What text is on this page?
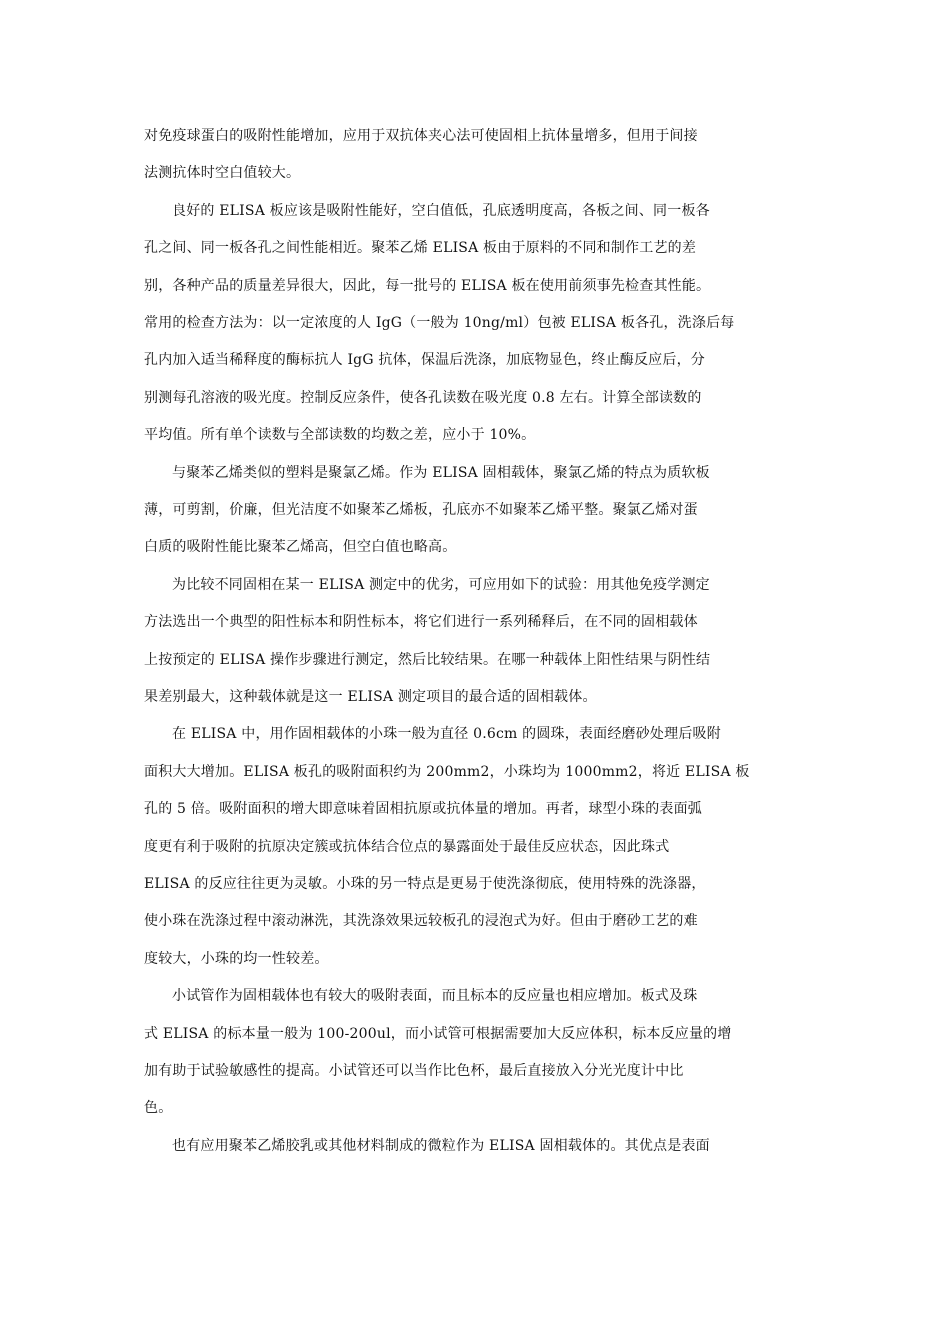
对免疫球蛋白的吸附性能增加，应用于双抗体夹心法可使固相上抗体量增多，但用于间接
法测抗体时空白值较大。
良好的 ELISA 板应该是吸附性能好，空白值低，孔底透明度高，各板之间、同一板各
孔之间、同一板各孔之间性能相近。聚苯乙烯 ELISA 板由于原料的不同和制作工艺的差
别，各种产品的质量差异很大，因此，每一批号的 ELISA 板在使用前须事先检查其性能。
常用的检查方法为：以一定浓度的人 IgG（一般为 10ng/ml）包被 ELISA 板各孔，洗涤后每
孔内加入适当稀释度的酶标抗人 IgG 抗体，保温后洗涤，加底物显色，终止酶反应后，分
别测每孔溶液的吸光度。控制反应条件，使各孔读数在吸光度 0.8 左右。计算全部读数的
平均值。所有单个读数与全部读数的均数之差，应小于 10%。
与聚苯乙烯类似的塑料是聚氯乙烯。作为 ELISA 固相载体，聚氯乙烯的特点为质软板
薄，可剪割，价廉，但光洁度不如聚苯乙烯板，孔底亦不如聚苯乙烯平整。聚氯乙烯对蛋
白质的吸附性能比聚苯乙烯高，但空白值也略高。
为比较不同固相在某一 ELISA 测定中的优劣，可应用如下的试验：用其他免疫学测定
方法选出一个典型的阳性标本和阴性标本，将它们进行一系列稀释后，在不同的固相载体
上按预定的 ELISA 操作步骤进行测定，然后比较结果。在哪一种载体上阳性结果与阴性结
果差别最大，这种载体就是这一 ELISA 测定项目的最合适的固相载体。
在 ELISA 中，用作固相载体的小珠一般为直径 0.6cm 的圆珠，表面经磨砂处理后吸附
面积大大增加。ELISA 板孔的吸附面积约为 200mm2，小珠均为 1000mm2，将近 ELISA 板
孔的 5 倍。吸附面积的增大即意味着固相抗原或抗体量的增加。再者，球型小珠的表面弧
度更有利于吸附的抗原决定簇或抗体结合位点的暴露面处于最佳反应状态，因此珠式
ELISA 的反应往往更为灵敏。小珠的另一特点是更易于使洗涤彻底，使用特殊的洗涤器，
使小珠在洗涤过程中滚动淋洗，其洗涤效果远较板孔的浸泡式为好。但由于磨砂工艺的难
度较大，小珠的均一性较差。
小试管作为固相载体也有较大的吸附表面，而且标本的反应量也相应增加。板式及珠
式 ELISA 的标本量一般为 100-200ul，而小试管可根据需要加大反应体积，标本反应量的增
加有助于试验敏感性的提高。小试管还可以当作比色杯，最后直接放入分光光度计中比
色。
也有应用聚苯乙烯胶乳或其他材料制成的微粒作为 ELISA 固相载体的。其优点是表面
